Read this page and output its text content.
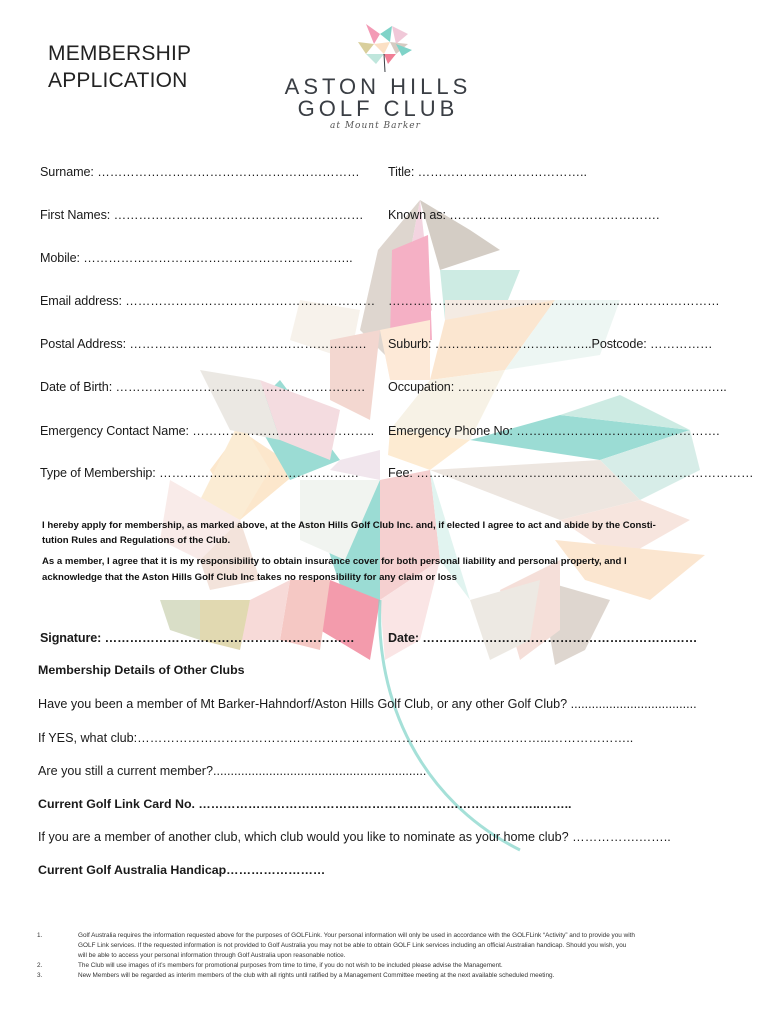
MEMBERSHIP
APPLICATION	ASTON HILLS
GOLF CLUB
at Mount Barker
Surname: ……………………………………………………… Title: …………………………………..
First Names: …………………………………………………… Known as: …………………..……………………….
Mobile: ………………………………………………………..
Email address: …………………………………………………… ………………………………………………..……………………
Postal Address: ………………………………………………… Suburb: ………………………………..Postcode: ……………
Date of Birth: …………………………………………………… Occupation: ………………………………………………………..
Emergency Contact Name: …………………………………….. Emergency Phone No: ………………………………………….
Type of Membership: ………………………………………… Fee: ………………………………………………………………………
I hereby apply for membership, as marked above, at the Aston Hills Golf Club Inc. and, if elected I agree to act and abide by the Consti-
tution Rules and Regulations of the Club.
As a member, I agree that it is my responsibility to obtain insurance cover for both personal liability and personal property, and I
acknowledge that the Aston Hills Golf Club Inc takes no responsibility for any claim or loss
Signature: ……………………………………………………	Date: …………………………………………………………
Membership Details of Other Clubs
Have you been a member of Mt Barker-Hahndorf/Aston Hills Golf Club, or any other Golf Club? ....................................
If YES, what club:……………………………………………………………………………………...………………..
Are you still a current member?.............................................................
Current Golf Link Card No. ………………………………………………………………………..……..
If you are a member of another club, which club would you like to nominate as your home club? …………….……..
Current Golf Australia Handicap……………………
1.	Golf Australia requires the information requested above for the purposes of GOLFLink. Your personal information will only be used in accordance with the GOLFLink “Activity” and to provide you with
GOLF Link services. If the requested information is not provided to Golf Australia you may not be able to obtain GOLF Link services including an official Australian handicap. Should you wish, you
will be able to access your personal information through Golf Australia upon reasonable notice.
2.	The Club will use images of it’s members for promotional purposes from time to time, if you do not wish to be included please advise the Management.
3.	New Members will be regarded as interim members of the club with all rights until ratified by a Management Committee meeting at the next available scheduled meeting.
